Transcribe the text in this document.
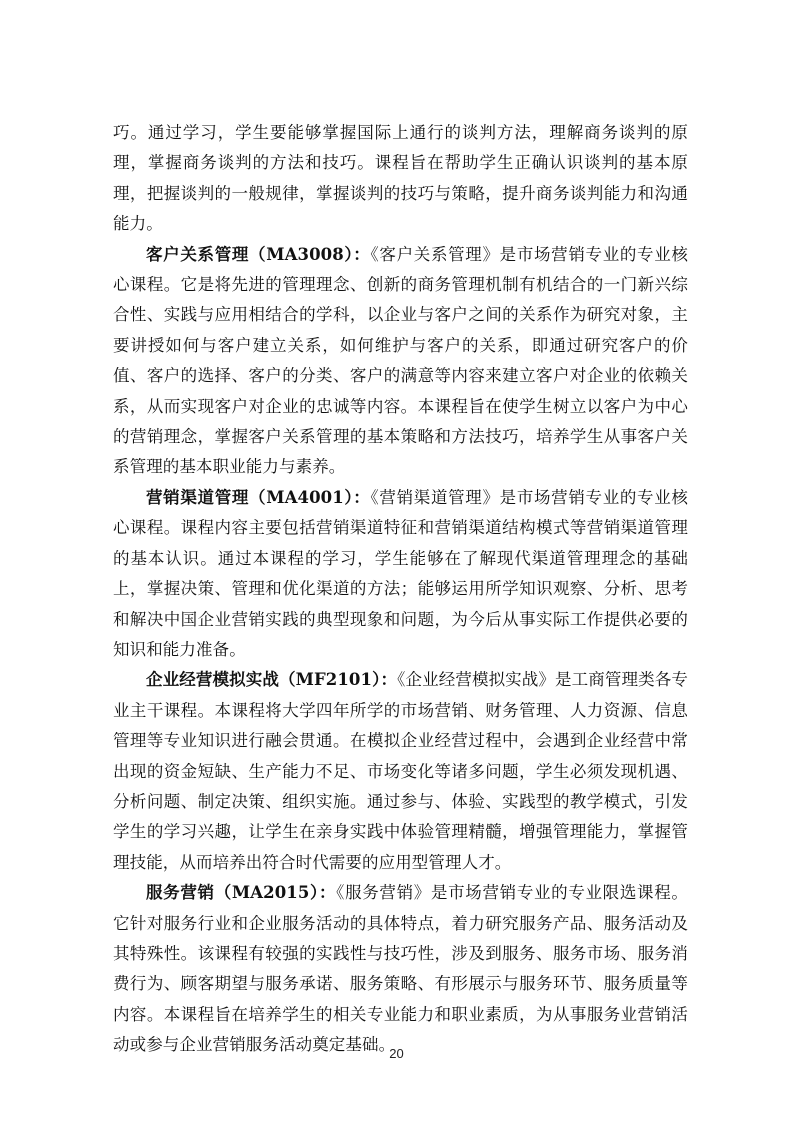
巧。通过学习，学生要能够掌握国际上通行的谈判方法，理解商务谈判的原理，掌握商务谈判的方法和技巧。课程旨在帮助学生正确认识谈判的基本原理，把握谈判的一般规律，掌握谈判的技巧与策略，提升商务谈判能力和沟通能力。

客户关系管理（MA3008）：《客户关系管理》是市场营销专业的专业核心课程。它是将先进的管理理念、创新的商务管理机制有机结合的一门新兴综合性、实践与应用相结合的学科，以企业与客户之间的关系作为研究对象，主要讲授如何与客户建立关系，如何维护与客户的关系，即通过研究客户的价值、客户的选择、客户的分类、客户的满意等内容来建立客户对企业的依赖关系，从而实现客户对企业的忠诚等内容。本课程旨在使学生树立以客户为中心的营销理念，掌握客户关系管理的基本策略和方法技巧，培养学生从事客户关系管理的基本职业能力与素养。

营销渠道管理（MA4001）：《营销渠道管理》是市场营销专业的专业核心课程。课程内容主要包括营销渠道特征和营销渠道结构模式等营销渠道管理的基本认识。通过本课程的学习，学生能够在了解现代渠道管理理念的基础上，掌握决策、管理和优化渠道的方法；能够运用所学知识观察、分析、思考和解决中国企业营销实践的典型现象和问题，为今后从事实际工作提供必要的知识和能力准备。

企业经营模拟实战（MF2101）：《企业经营模拟实战》是工商管理类各专业主干课程。本课程将大学四年所学的市场营销、财务管理、人力资源、信息管理等专业知识进行融会贯通。在模拟企业经营过程中，会遇到企业经营中常出现的资金短缺、生产能力不足、市场变化等诸多问题，学生必须发现机遇、分析问题、制定决策、组织实施。通过参与、体验、实践型的教学模式，引发学生的学习兴趣，让学生在亲身实践中体验管理精髓，增强管理能力，掌握管理技能，从而培养出符合时代需要的应用型管理人才。

服务营销（MA2015）：《服务营销》是市场营销专业的专业限选课程。它针对服务行业和企业服务活动的具体特点，着力研究服务产品、服务活动及其特殊性。该课程有较强的实践性与技巧性，涉及到服务、服务市场、服务消费行为、顾客期望与服务承诺、服务策略、有形展示与服务环节、服务质量等内容。本课程旨在培养学生的相关专业能力和职业素质，为从事服务业营销活动或参与企业营销服务活动奠定基础。

20
